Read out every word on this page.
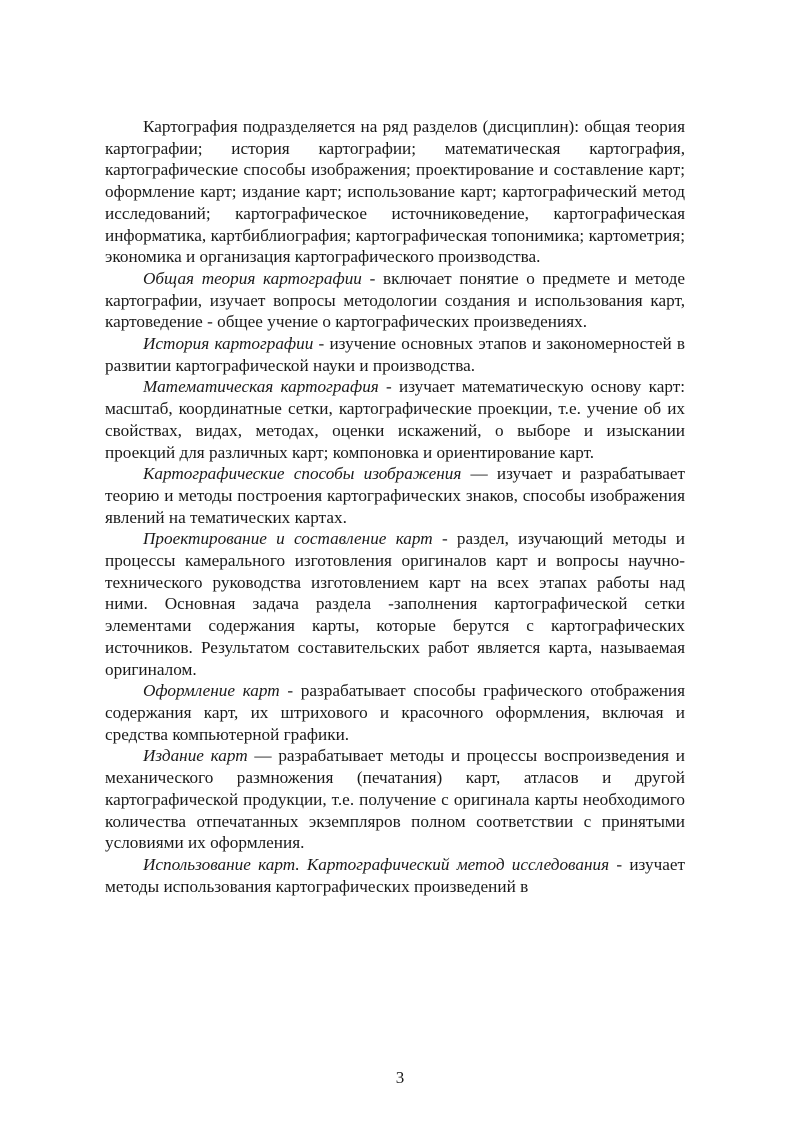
Картография подразделяется на ряд разделов (дисциплин): общая теория картографии; история картографии; математическая картография, картографические способы изображения; проектирование и составление карт; оформление карт; издание карт; использование карт; картографический метод исследований; картографическое источниковедение, картографическая информатика, картбиблиография; картографическая топонимика; картометрия; экономика и организация картографического производства.

Общая теория картографии - включает понятие о предмете и методе картографии, изучает вопросы методологии создания и использования карт, картоведение - общее учение о картографических произведениях.

История картографии - изучение основных этапов и закономерностей в развитии картографической науки и производства.

Математическая картография - изучает математическую основу карт: масштаб, координатные сетки, картографические проекции, т.е. учение об их свойствах, видах, методах, оценки искажений, о выборе и изыскании проекций для различных карт; компоновка и ориентирование карт.

Картографические способы изображения — изучает и разрабатывает теорию и методы построения картографических знаков, способы изображения явлений на тематических картах.

Проектирование и составление карт - раздел, изучающий методы и процессы камерального изготовления оригиналов карт и вопросы научно-технического руководства изготовлением карт на всех этапах работы над ними. Основная задача раздела -заполнения картографической сетки элементами содержания карты, которые берутся с картографических источников. Результатом составительских работ является карта, называемая оригиналом.

Оформление карт - разрабатывает способы графического отображения содержания карт, их штрихового и красочного оформления, включая и средства компьютерной графики.

Издание карт — разрабатывает методы и процессы воспроизведения и механического размножения (печатания) карт, атласов и другой картографической продукции, т.е. получение с оригинала карты необходимого количества отпечатанных экземпляров полном соответствии с принятыми условиями их оформления.

Использование карт. Картографический метод исследования - изучает методы использования картографических произведений в

3
